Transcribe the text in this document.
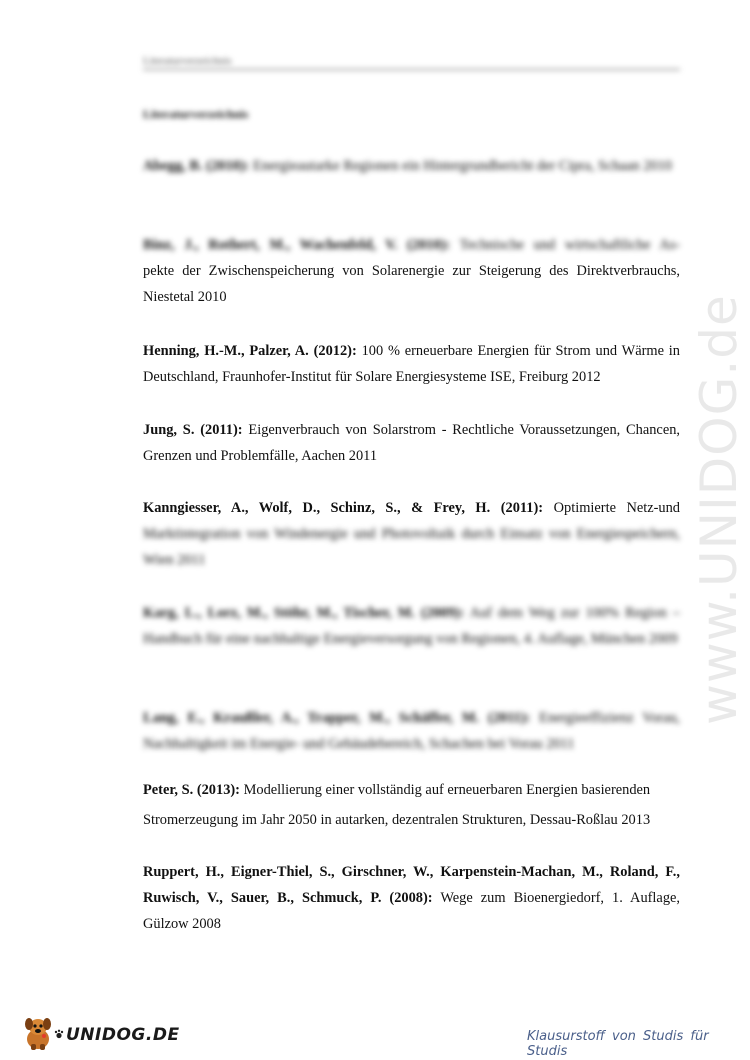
Literaturverzeichnis
Literaturverzeichnis
Abegg, B. (2010): Energieautarke Regionen ein Hintergrundbericht der Cipra, Schaan 2010
Binz, J., Rothert, M., Wachenfeld, V. (2010): Technische und wirtschaftliche As-
pekte der Zwischenspeicherung von Solarenergie zur Steigerung des Direktverbrauchs,
Niestetal 2010
Henning, H.-M., Palzer, A. (2012): 100 % erneuerbare Energien für Strom und Wärme in Deutschland, Fraunhofer-Institut für Solare Energiesysteme ISE, Freiburg 2012
Jung, S. (2011): Eigenverbrauch von Solarstrom - Rechtliche Voraussetzungen, Chancen, Grenzen und Problemfälle, Aachen 2011
Kanngiesser, A., Wolf, D., Schinz, S., & Frey, H. (2011): Optimierte Netz-und
Marktintegration von Windenergie und Photovoltaik durch Einsatz von Energiespeichern, Wien 2011
Karg, L., Lorz, M., Stöhr, M., Tischer, M. (2009): Auf dem Weg zur 100% Region – Handbuch für eine nachhaltige Energieversorgung von Regionen, 4. Auflage, München 2009
Lang, E., Kraußler, A., Trapper, M., Schäffer, M. (2011): Energieeffizienz Vorau, Nachhaltigkeit im Energie- und Gebäudebereich, Schachen bei Vorau 2011
Peter, S. (2013): Modellierung einer vollständig auf erneuerbaren Energien basierenden
Stromerzeugung im Jahr 2050 in autarken, dezentralen Strukturen, Dessau-Roßlau 2013
Ruppert, H., Eigner-Thiel, S., Girschner, W., Karpenstein-Machan, M., Roland, F., Ruwisch, V., Sauer, B., Schmuck, P. (2008): Wege zum Bioenergiedorf, 1. Auflage, Gülzow 2008
www.UNIDOG.de
UNIDOG.DE	Klausurstoff von Studis für Studis
